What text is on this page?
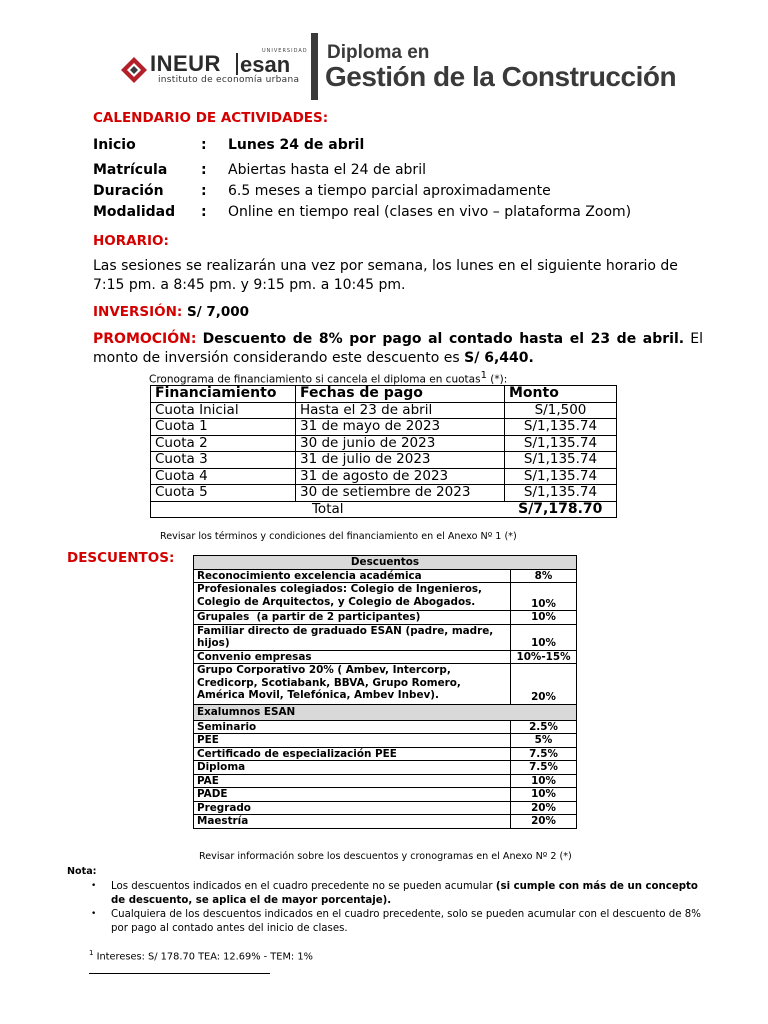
INEUR	UNIVERSIDAD
esan
instituto de economía urbana
Diploma en
Gestión de la Construcción
CALENDARIO DE ACTIVIDADES:
Inicio	: Lunes 24 de abril
Matrícula : Abiertas hasta el 24 de abril
Duración	: 6.5 meses a tiempo parcial aproximadamente
Modalidad : Online en tiempo real (clases en vivo – plataforma Zoom)
HORARIO:
Las sesiones se realizarán una vez por semana, los lunes en el siguiente horario de 7:15 pm. a 8:45 pm. y 9:15 pm. a 10:45 pm.
INVERSIÓN: S/ 7,000
PROMOCIÓN: Descuento de 8% por pago al contado hasta el 23 de abril. El monto de inversión considerando este descuento es S/ 6,440.
Cronograma de financiamiento si cancela el diploma en cuotas$^1$ (*):
Financiamiento	Fechas de pago	Monto
Cuota Inicial	Hasta el 23 de abril	S/1,500
Cuota 1	31 de mayo de 2023	S/1,135.74
Cuota 2	30 de junio de 2023	S/1,135.74
Cuota 3	31 de julio de 2023	S/1,135.74
Cuota 4	31 de agosto de 2023	S/1,135.74
Cuota 5	30 de setiembre de 2023	S/1,135.74
Total		S/7,178.70
Revisar los términos y condiciones del financiamiento en el Anexo Nº 1 (*)
DESCUENTOS:	Descuentos	
Reconocimiento excelencia académica	8%
Profesionales colegiados: Colegio de Ingenieros, Colegio de Arquitectos, y Colegio de Abogados.	10%
Grupales  (a partir de 2 participantes)	10%
Familiar directo de graduado ESAN (padre, madre, hijos)	10%
Convenio empresas	10%-15%
Grupo Corporativo 20% ( Ambev, Intercorp, Credicorp, Scotiabank, BBVA, Grupo Romero, América Movil, Telefónica, Ambev Inbev).	20%
Exalumnos ESAN	
Seminario	2.5%
PEE	5%
Certificado de especialización PEE	7.5%
Diploma	7.5%
PAE	10%
PADE	10%
Pregrado	20%
Maestría	20%
Revisar información sobre los descuentos y cronogramas en el Anexo Nº 2 (*)
Nota:
• Los descuentos indicados en el cuadro precedente no se pueden acumular (si cumple con más de un concepto de descuento, se aplica el de mayor porcentaje).
• Cualquiera de los descuentos indicados en el cuadro precedente, solo se pueden acumular con el descuento de 8% por pago al contado antes del inicio de clases.
$^1$ Intereses: S/ 178.70 TEA: 12.69% - TEM: 1%
